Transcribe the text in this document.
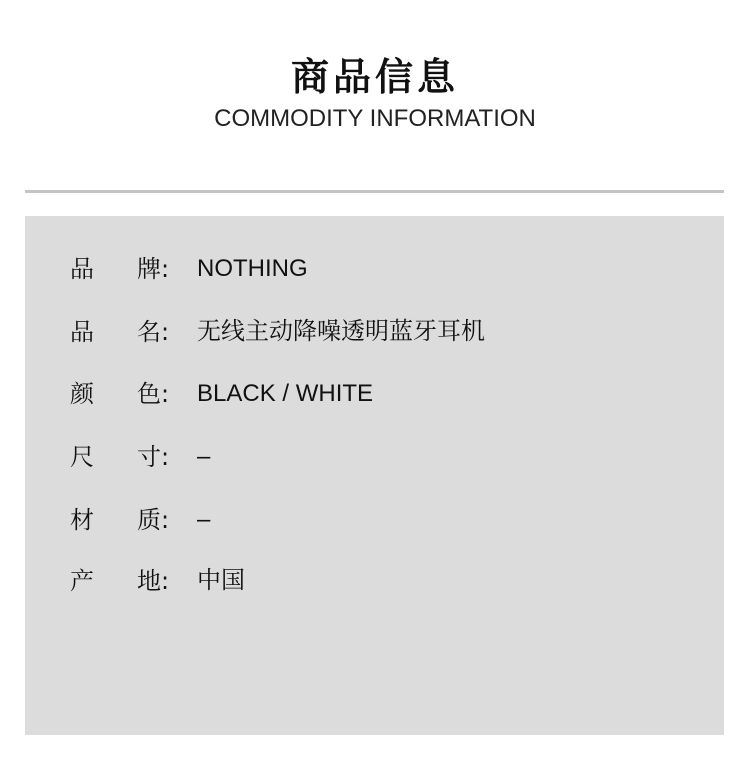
商品信息
COMMODITY INFORMATION
品	牌:	NOTHING
品	名:	无线主动降噪透明蓝牙耳机
颜	色:	BLACK / WHITE
尺	寸:	–
材	质:	–
产	地:	中国
